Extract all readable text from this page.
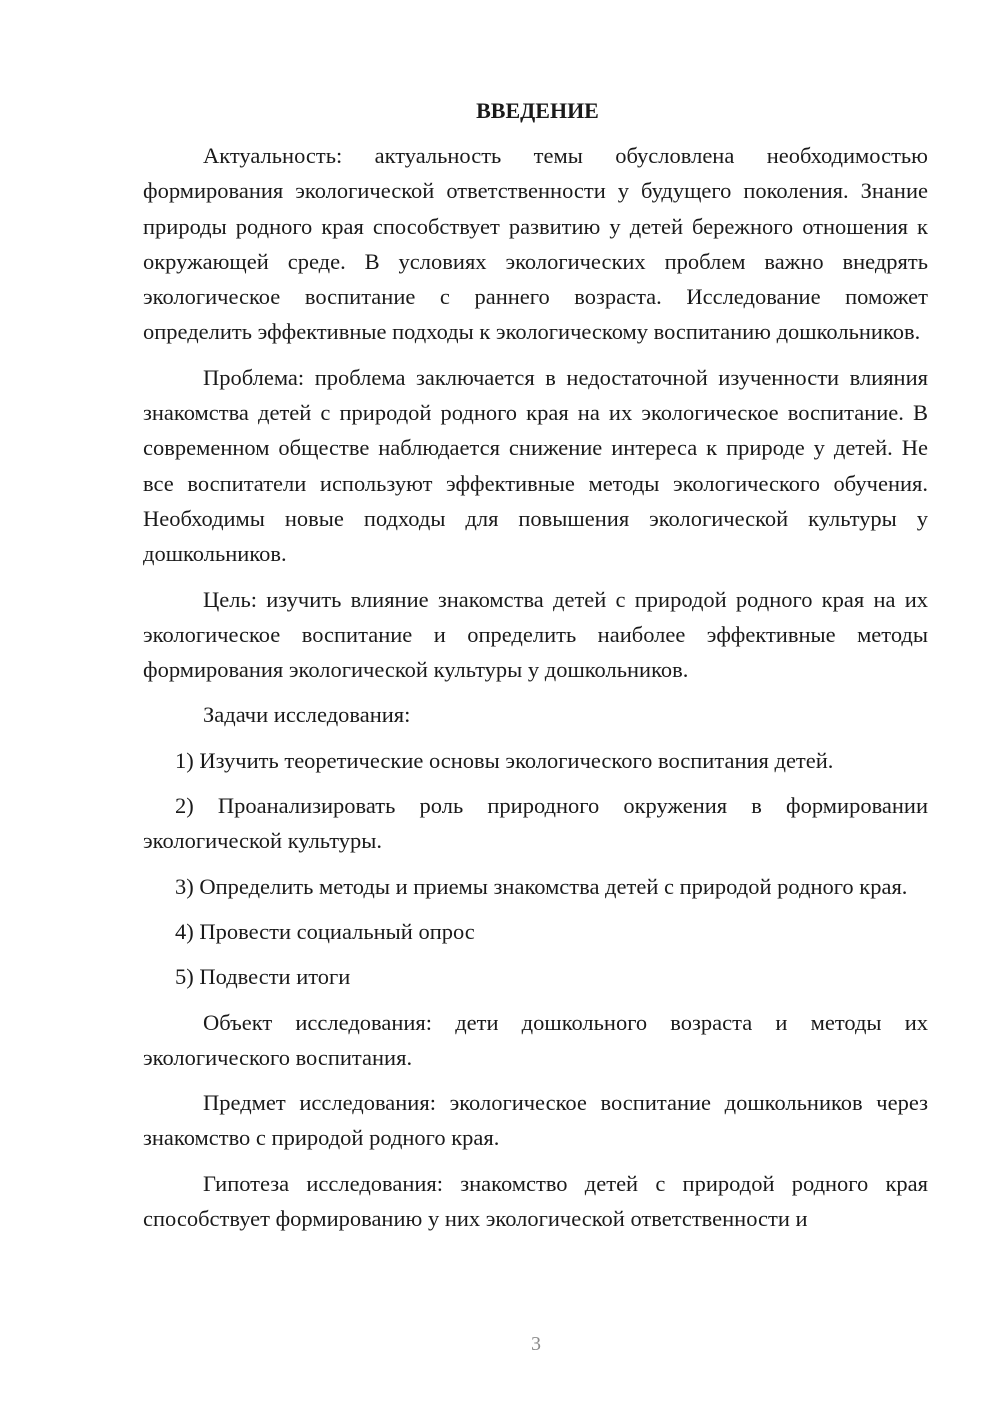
ВВЕДЕНИЕ

Актуальность: актуальность темы обусловлена необходимостью формирования экологической ответственности у будущего поколения. Знание природы родного края способствует развитию у детей бережного отношения к окружающей среде. В условиях экологических проблем важно внедрять экологическое воспитание с раннего возраста. Исследование поможет определить эффективные подходы к экологическому воспитанию дошкольников.

Проблема: проблема заключается в недостаточной изученности влияния знакомства детей с природой родного края на их экологическое воспитание. В современном обществе наблюдается снижение интереса к природе у детей. Не все воспитатели используют эффективные методы экологического обучения. Необходимы новые подходы для повышения экологической культуры у дошкольников.

Цель: изучить влияние знакомства детей с природой родного края на их экологическое воспитание и определить наиболее эффективные методы формирования экологической культуры у дошкольников.

Задачи исследования:

1) Изучить теоретические основы экологического воспитания детей.

2) Проанализировать роль природного окружения в формировании экологической культуры.

3) Определить методы и приемы знакомства детей с природой родного края.

4) Провести социальный опрос

5) Подвести итоги

Объект исследования: дети дошкольного возраста и методы их экологического воспитания.

Предмет исследования: экологическое воспитание дошкольников через знакомство с природой родного края.

Гипотеза исследования: знакомство детей с природой родного края способствует формированию у них экологической ответственности и

3
